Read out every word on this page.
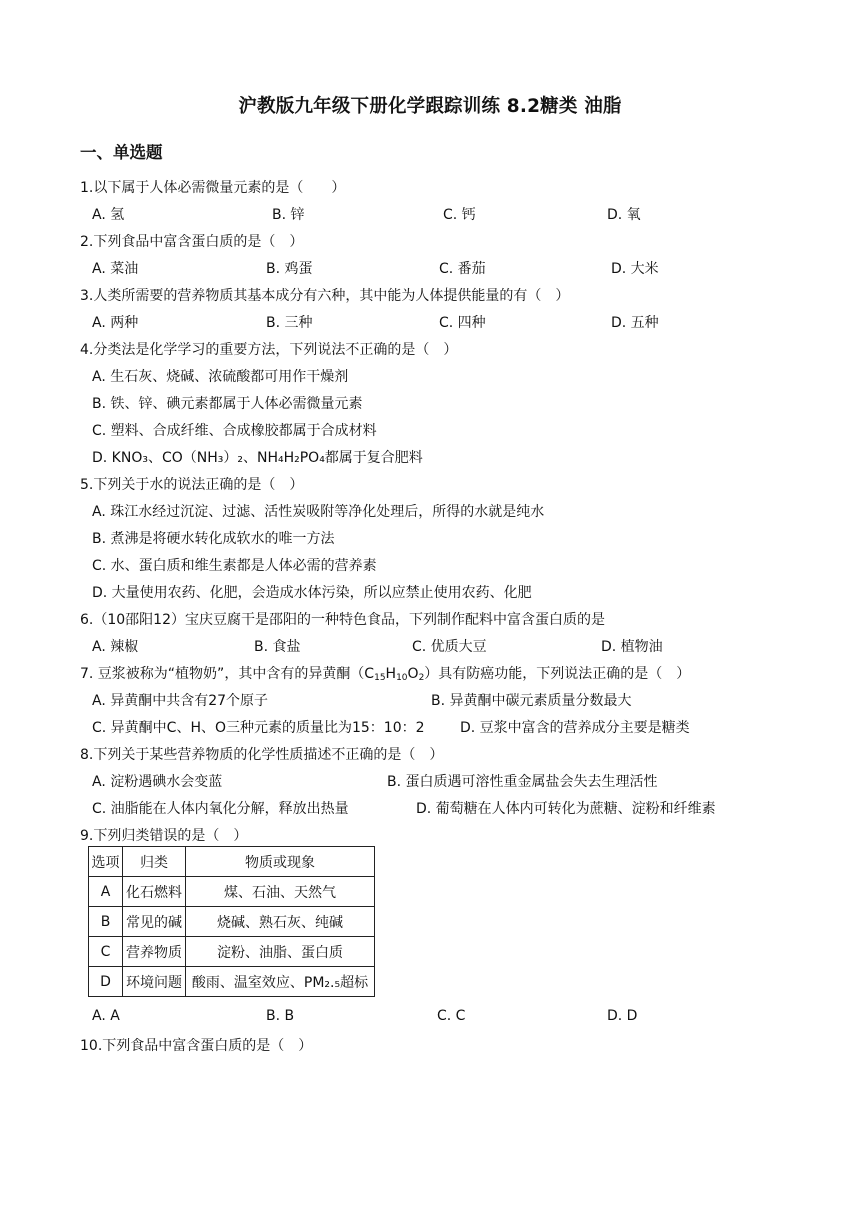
沪教版九年级下册化学跟踪训练 8.2糖类 油脂
一、单选题
1.以下属于人体必需微量元素的是（　　）
A. 氢	B. 锌	C. 钙	D. 氧
2.下列食品中富含蛋白质的是（　）
A. 菜油	B. 鸡蛋	C. 番茄	D. 大米
3.人类所需要的营养物质其基本成分有六种，其中能为人体提供能量的有（　）
A. 两种	B. 三种	C. 四种	D. 五种
4.分类法是化学学习的重要方法，下列说法不正确的是（　）
A. 生石灰、烧碱、浓硫酸都可用作干燥剂
B. 铁、锌、碘元素都属于人体必需微量元素
C. 塑料、合成纤维、合成橡胶都属于合成材料
D. KNO₃、CO（NH₃）₂、NH₄H₂PO₄都属于复合肥料
5.下列关于水的说法正确的是（　）
A. 珠江水经过沉淀、过滤、活性炭吸附等净化处理后，所得的水就是纯水
B. 煮沸是将硬水转化成软水的唯一方法
C. 水、蛋白质和维生素都是人体必需的营养素
D. 大量使用农药、化肥，会造成水体污染，所以应禁止使用农药、化肥
6.（10邵阳12）宝庆豆腐干是邵阳的一种特色食品，下列制作配料中富含蛋白质的是
A. 辣椒	B. 食盐	C. 优质大豆	D. 植物油
7. 豆浆被称为“植物奶”，其中含有的异黄酮$(C_{15}H_{10}O_2)$具有防癌功能，下列说法正确的是（　）
A. 异黄酮中共含有27个原子	B. 异黄酮中碳元素质量分数最大
C. 异黄酮中C、H、O三种元素的质量比为15：10：2	D. 豆浆中富含的营养成分主要是糖类
8.下列关于某些营养物质的化学性质描述不正确的是（　）
A. 淀粉遇碘水会变蓝	B. 蛋白质遇可溶性重金属盐会失去生理活性
C. 油脂能在人体内氧化分解，释放出热量	D. 葡萄糖在人体内可转化为蔗糖、淀粉和纤维素
9.下列归类错误的是（　）
选项	归类	物质或现象
A	化石燃料	煤、石油、天然气
B	常见的碱	烧碱、熟石灰、纯碱
C	营养物质	淀粉、油脂、蛋白质
D	环境问题	酸雨、温室效应、PM₂.₅超标
A. A	B. B	C. C	D. D
10.下列食品中富含蛋白质的是（　）
